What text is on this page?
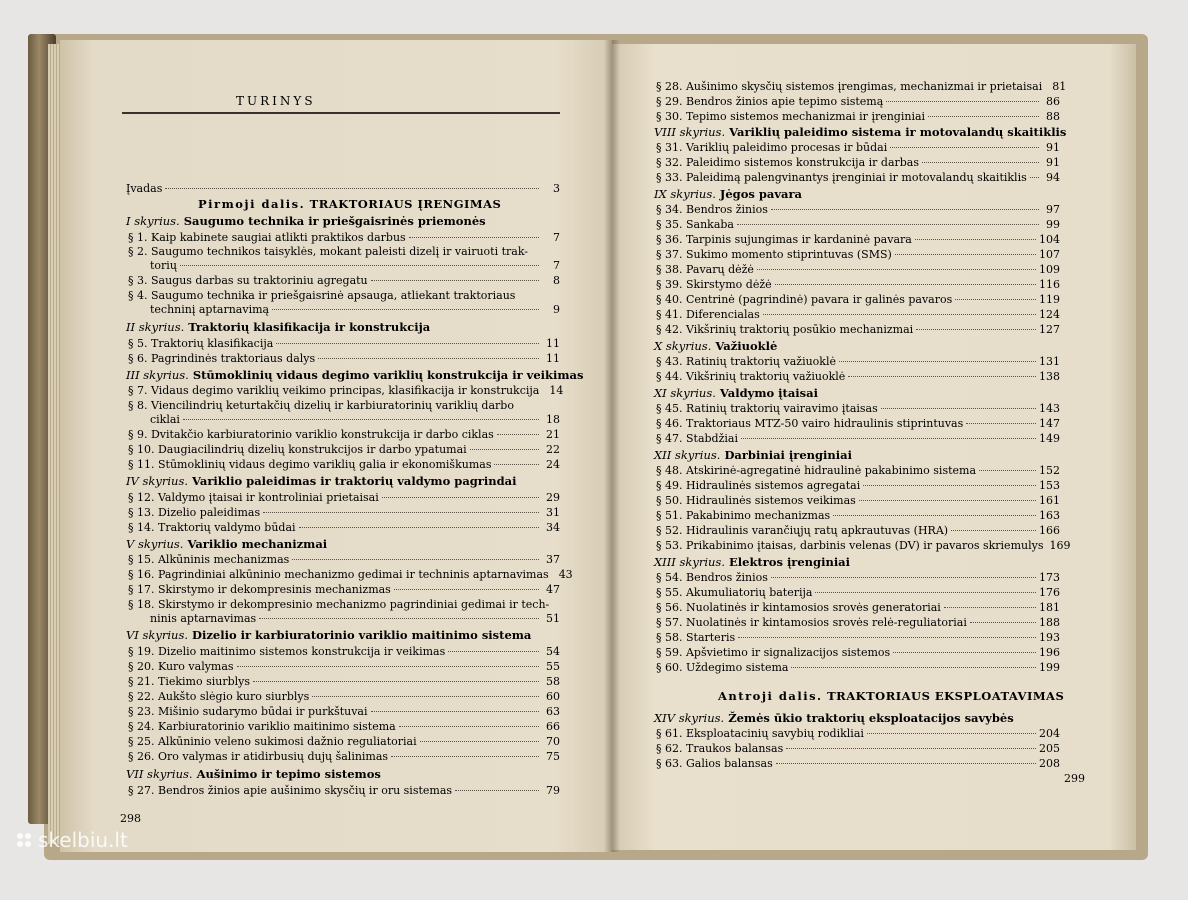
TURINYS
Įvadas	3
Pirmoji dalis. TRAKTORIAUS ĮRENGIMAS
I skyrius. Saugumo technika ir priešgaisrinės priemonės
§ 1. Kaip kabinete saugiai atlikti praktikos darbus	7
§ 2. Saugumo technikos taisyklės, mokant paleisti dizelį ir vairuoti trak-
torių	7
§ 3. Saugus darbas su traktoriniu agregatu	8
§ 4. Saugumo technika ir priešgaisrinė apsauga, atliekant traktoriaus
techninį aptarnavimą	9
II skyrius. Traktorių klasifikacija ir konstrukcija
§ 5. Traktorių klasifikacija	11
§ 6. Pagrindinės traktoriaus dalys	11
III skyrius. Stūmoklinių vidaus degimo variklių konstrukcija ir veikimas
§ 7. Vidaus degimo variklių veikimo principas, klasifikacija ir konstrukcija 14
§ 8. Viencilindrių keturtakčių dizelių ir karbiuratorinių variklių darbo
ciklai	18
§ 9. Dvitakčio karbiuratorinio variklio konstrukcija ir darbo ciklas	21
§ 10. Daugiacilindrių dizelių konstrukcijos ir darbo ypatumai	22
§ 11. Stūmoklinių vidaus degimo variklių galia ir ekonomiškumas	24
IV skyrius. Variklio paleidimas ir traktorių valdymo pagrindai
§ 12. Valdymo įtaisai ir kontroliniai prietaisai	29
§ 13. Dizelio paleidimas	31
§ 14. Traktorių valdymo būdai	34
V skyrius. Variklio mechanizmai
§ 15. Alkūninis mechanizmas	37
§ 16. Pagrindiniai alkūninio mechanizmo gedimai ir techninis aptarnavimas 43
§ 17. Skirstymo ir dekompresinis mechanizmas	47
§ 18. Skirstymo ir dekompresinio mechanizmo pagrindiniai gedimai ir tech-
ninis aptarnavimas	51
VI skyrius. Dizelio ir karbiuratorinio variklio maitinimo sistema
§ 19. Dizelio maitinimo sistemos konstrukcija ir veikimas	54
§ 20. Kuro valymas	55
§ 21. Tiekimo siurblys	58
§ 22. Aukšto slėgio kuro siurblys	60
§ 23. Mišinio sudarymo būdai ir purkštuvai	63
§ 24. Karbiuratorinio variklio maitinimo sistema	66
§ 25. Alkūninio veleno sukimosi dažnio reguliatoriai	70
§ 26. Oro valymas ir atidirbusių dujų šalinimas	75
VII skyrius. Aušinimo ir tepimo sistemos
§ 27. Bendros žinios apie aušinimo skysčių ir oru sistemas	79
§ 28. Aušinimo skysčių sistemos įrengimas, mechanizmai ir prietaisai 81
§ 29. Bendros žinios apie tepimo sistemą	86
§ 30. Tepimo sistemos mechanizmai ir įrenginiai	88
VIII skyrius. Variklių paleidimo sistema ir motovalandų skaitiklis
§ 31. Variklių paleidimo procesas ir būdai	91
§ 32. Paleidimo sistemos konstrukcija ir darbas	91
§ 33. Paleidimą palengvinantys įrenginiai ir motovalandų skaitiklis	94
IX skyrius. Jėgos pavara
§ 34. Bendros žinios	97
§ 35. Sankaba	99
§ 36. Tarpinis sujungimas ir kardaninė pavara	104
§ 37. Sukimo momento stiprintuvas (SMS)	107
§ 38. Pavarų dėžė	109
§ 39. Skirstymo dėžė	116
§ 40. Centrinė (pagrindinė) pavara ir galinės pavaros	119
§ 41. Diferencialas	124
§ 42. Vikšrinių traktorių posūkio mechanizmai	127
X skyrius. Važiuoklė
§ 43. Ratinių traktorių važiuoklė	131
§ 44. Vikšrinių traktorių važiuoklė	138
XI skyrius. Valdymo įtaisai
§ 45. Ratinių traktorių vairavimo įtaisas	143
§ 46. Traktoriaus MTZ-50 vairo hidraulinis stiprintuvas	147
§ 47. Stabdžiai	149
XII skyrius. Darbiniai įrenginiai
§ 48. Atskirinė-agregatinė hidraulinė pakabinimo sistema	152
§ 49. Hidraulinės sistemos agregatai	153
§ 50. Hidraulinės sistemos veikimas	161
§ 51. Pakabinimo mechanizmas	163
§ 52. Hidraulinis varančiųjų ratų apkrautuvas (HRA)	166
§ 53. Prikabinimo įtaisas, darbinis velenas (DV) ir pavaros skriemulys 169
XIII skyrius. Elektros įrenginiai
§ 54. Bendros žinios	173
§ 55. Akumuliatorių baterija	176
§ 56. Nuolatinės ir kintamosios srovės generatoriai	181
§ 57. Nuolatinės ir kintamosios srovės relė-reguliatoriai	188
§ 58. Starteris	193
§ 59. Apšvietimo ir signalizacijos sistemos	196
§ 60. Uždegimo sistema	199
Antroji dalis. TRAKTORIAUS EKSPLOATAVIMAS
XIV skyrius. Žemės ūkio traktorių eksploatacijos savybės
§ 61. Eksploatacinių savybių rodikliai	204
§ 62. Traukos balansas	205
§ 63. Galios balansas	208
298
299
skelbiu.lt
